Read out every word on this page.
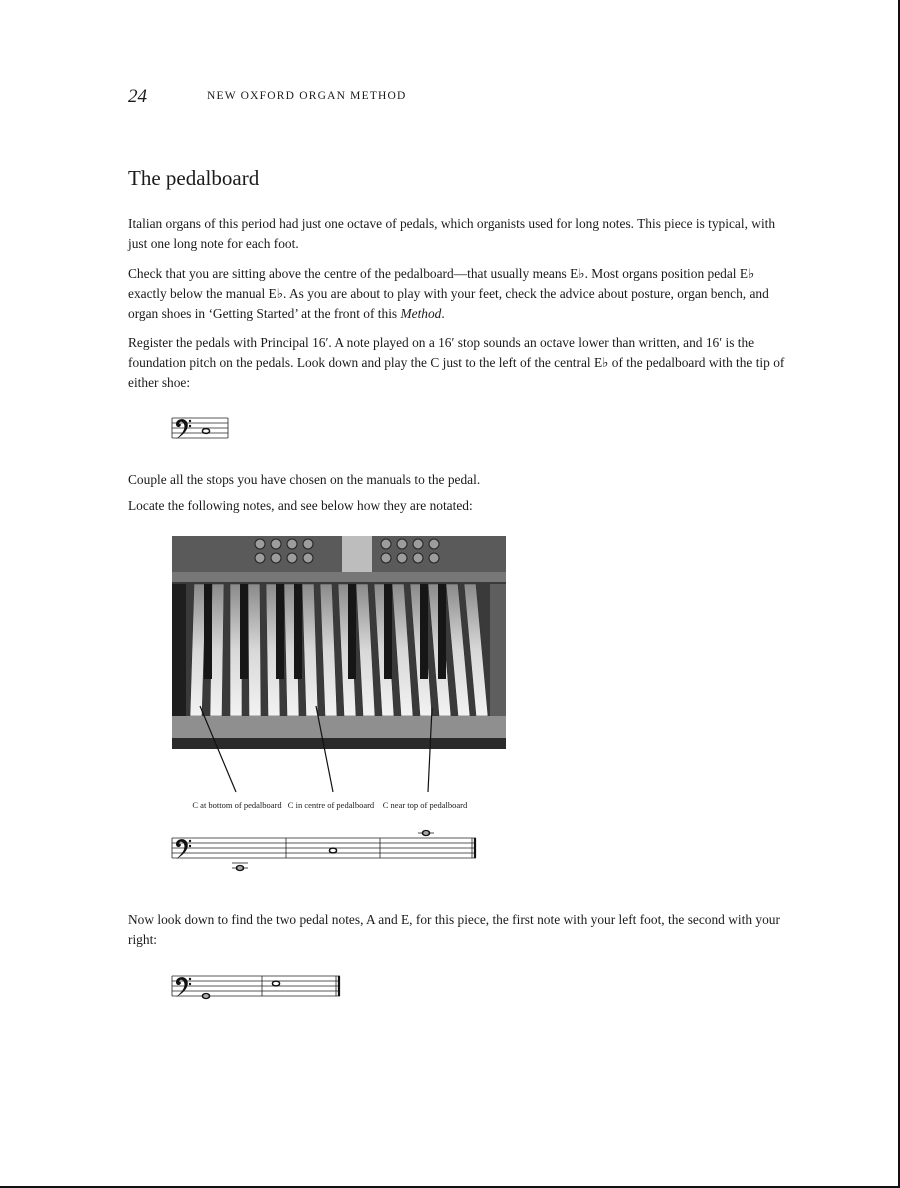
24	NEW OXFORD ORGAN METHOD
The pedalboard

Italian organs of this period had just one octave of pedals, which organists used for long notes. This piece is typical, with just one long note for each foot.

Check that you are sitting above the centre of the pedalboard—that usually means E♭. Most organs position pedal E♭ exactly below the manual E♭. As you are about to play with your feet, check the advice about posture, organ bench, and organ shoes in ‘Getting Started’ at the front of this Method.

Register the pedals with Principal 16′. A note played on a 16′ stop sounds an octave lower than written, and 16′ is the foundation pitch on the pedals. Look down and play the C just to the left of the central E♭ of the pedalboard with the tip of either shoe:

Couple all the stops you have chosen on the manuals to the pedal.

Locate the following notes, and see below how they are notated:

C at bottom of pedalboard C in centre of pedalboard	C near top of pedalboard

Now look down to find the two pedal notes, A and E, for this piece, the first note with your left foot, the second with your right:
